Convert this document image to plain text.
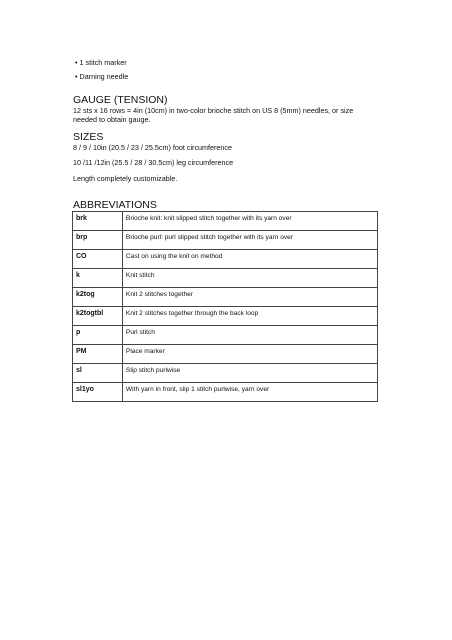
• 1 stitch marker
• Darning needle
GAUGE (TENSION)

12 sts x 16 rows = 4in (10cm) in two-color brioche stitch on US 8 (5mm) needles, or size

needed to obtain gauge.

SIZES

8 / 9 / 10in (20.5 / 23 / 25.5cm) foot circumference

10 /11 /12in (25.5 / 28 / 30.5cm) leg circumference

Length completely customizable.

ABBREVIATIONS
brk	Brioche knit: knit slipped stitch together with its yarn over
brp	Brioche purl: purl slipped stitch together with its yarn over
CO	Cast on using the knit on method
k	Knit stitch
k2tog	Knit 2 stitches together
k2togtbl	Knit 2 stitches together through the back loop
p	Purl stitch
PM	Place marker
sl	Slip stitch purlwise
sl1yo	With yarn in front, slip 1 stitch purlwise, yarn over
